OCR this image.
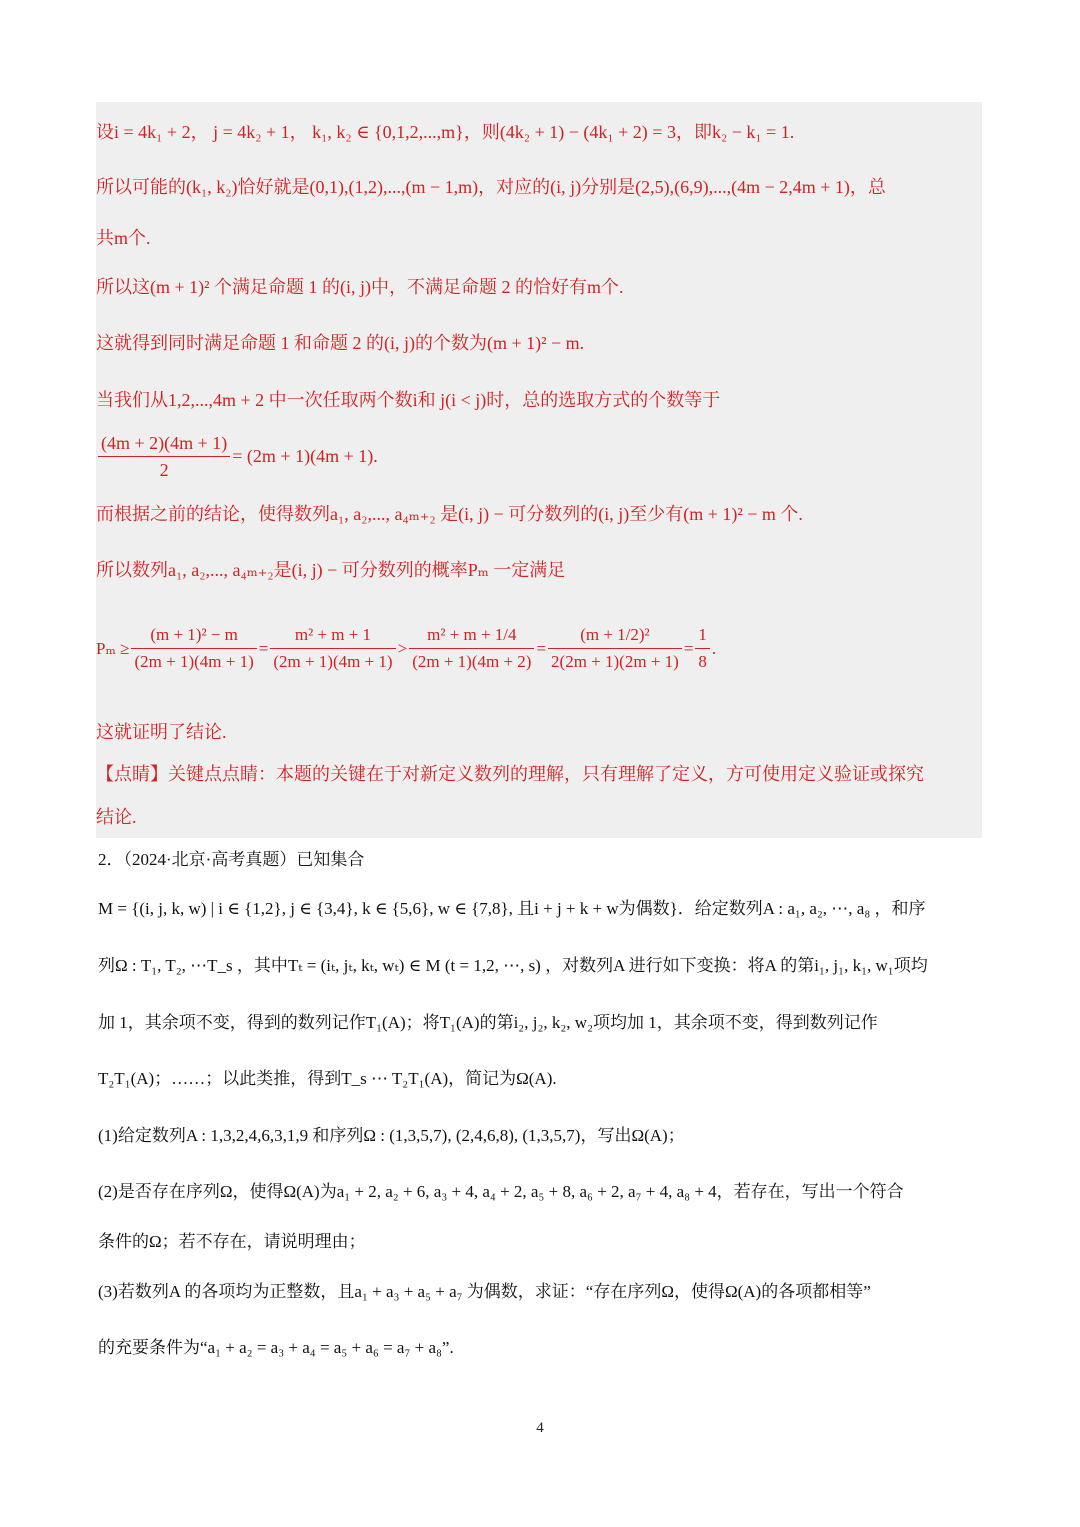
设i = 4k₁ + 2， j = 4k₂ + 1， k₁, k₂ ∈ {0,1,2,...,m}，则(4k₂ + 1) − (4k₁ + 2) = 3，即k₂ − k₁ = 1.
所以可能的(k₁, k₂)恰好就是(0,1),(1,2),...,(m − 1,m)，对应的(i, j)分别是(2,5),(6,9),...,(4m − 2,4m + 1)，总
共m个.
所以这(m + 1)² 个满足命题 1 的(i, j)中，不满足命题 2 的恰好有m个.
这就得到同时满足命题 1 和命题 2 的(i, j)的个数为(m + 1)² − m.
当我们从1,2,...,4m + 2 中一次任取两个数i和 j(i < j)时，总的选取方式的个数等于
$\frac{(4m + 2)(4m + 1)}{2} = (2m + 1)(4m + 1)$.
而根据之前的结论，使得数列a₁, a₂,..., a₄ₘ₊₂ 是(i, j) − 可分数列的(i, j)至少有(m + 1)² − m 个.
所以数列a₁, a₂,..., a₄ₘ₊₂是(i, j) − 可分数列的概率Pₘ 一定满足
$P_m \ge \frac{\text{(m + 1)² − m}}{(2m + 1)(4m + 1)} = \frac{\text{m² + m + 1}}{(2m + 1)(4m + 1)} > \frac{\text{m² + m + 1/4}}{(2m + 1)(4m + 2)} = \frac{\text{(m + 1/2)²}}{2(2m + 1)(2m + 1)} = \frac{1}{8}$ .
这就证明了结论.
【点睛】关键点点睛：本题的关键在于对新定义数列的理解，只有理解了定义，方可使用定义验证或探究
结论.
2．（2024·北京·高考真题）已知集合
M = {(i, j, k, w) | i ∈ {1,2}, j ∈ {3,4}, k ∈ {5,6}, w ∈ {7,8}, 且i + j + k + w为偶数}．给定数列A : a₁, a₂, ⋯, a₈ ，和序
列Ω : T₁, T₂, ⋯T_s ，其中Tₜ = (iₜ, jₜ, kₜ, wₜ) ∈ M (t = 1,2, ⋯, s) ，对数列A 进行如下变换：将A 的第i₁, j₁, k₁, w₁项均
加 1，其余项不变，得到的数列记作T₁(A)；将T₁(A)的第i₂, j₂, k₂, w₂项均加 1，其余项不变，得到数列记作
T₂T₁(A)；……；以此类推，得到T_s ⋯ T₂T₁(A)，简记为Ω(A).
(1)给定数列A : 1,3,2,4,6,3,1,9 和序列Ω : (1,3,5,7), (2,4,6,8), (1,3,5,7)，写出Ω(A)；
(2)是否存在序列Ω，使得Ω(A)为a₁ + 2, a₂ + 6, a₃ + 4, a₄ + 2, a₅ + 8, a₆ + 2, a₇ + 4, a₈ + 4，若存在，写出一个符合
条件的Ω；若不存在，请说明理由；
(3)若数列A 的各项均为正整数，且a₁ + a₃ + a₅ + a₇ 为偶数，求证：“存在序列Ω，使得Ω(A)的各项都相等”
的充要条件为“a₁ + a₂ = a₃ + a₄ = a₅ + a₆ = a₇ + a₈”.
4
